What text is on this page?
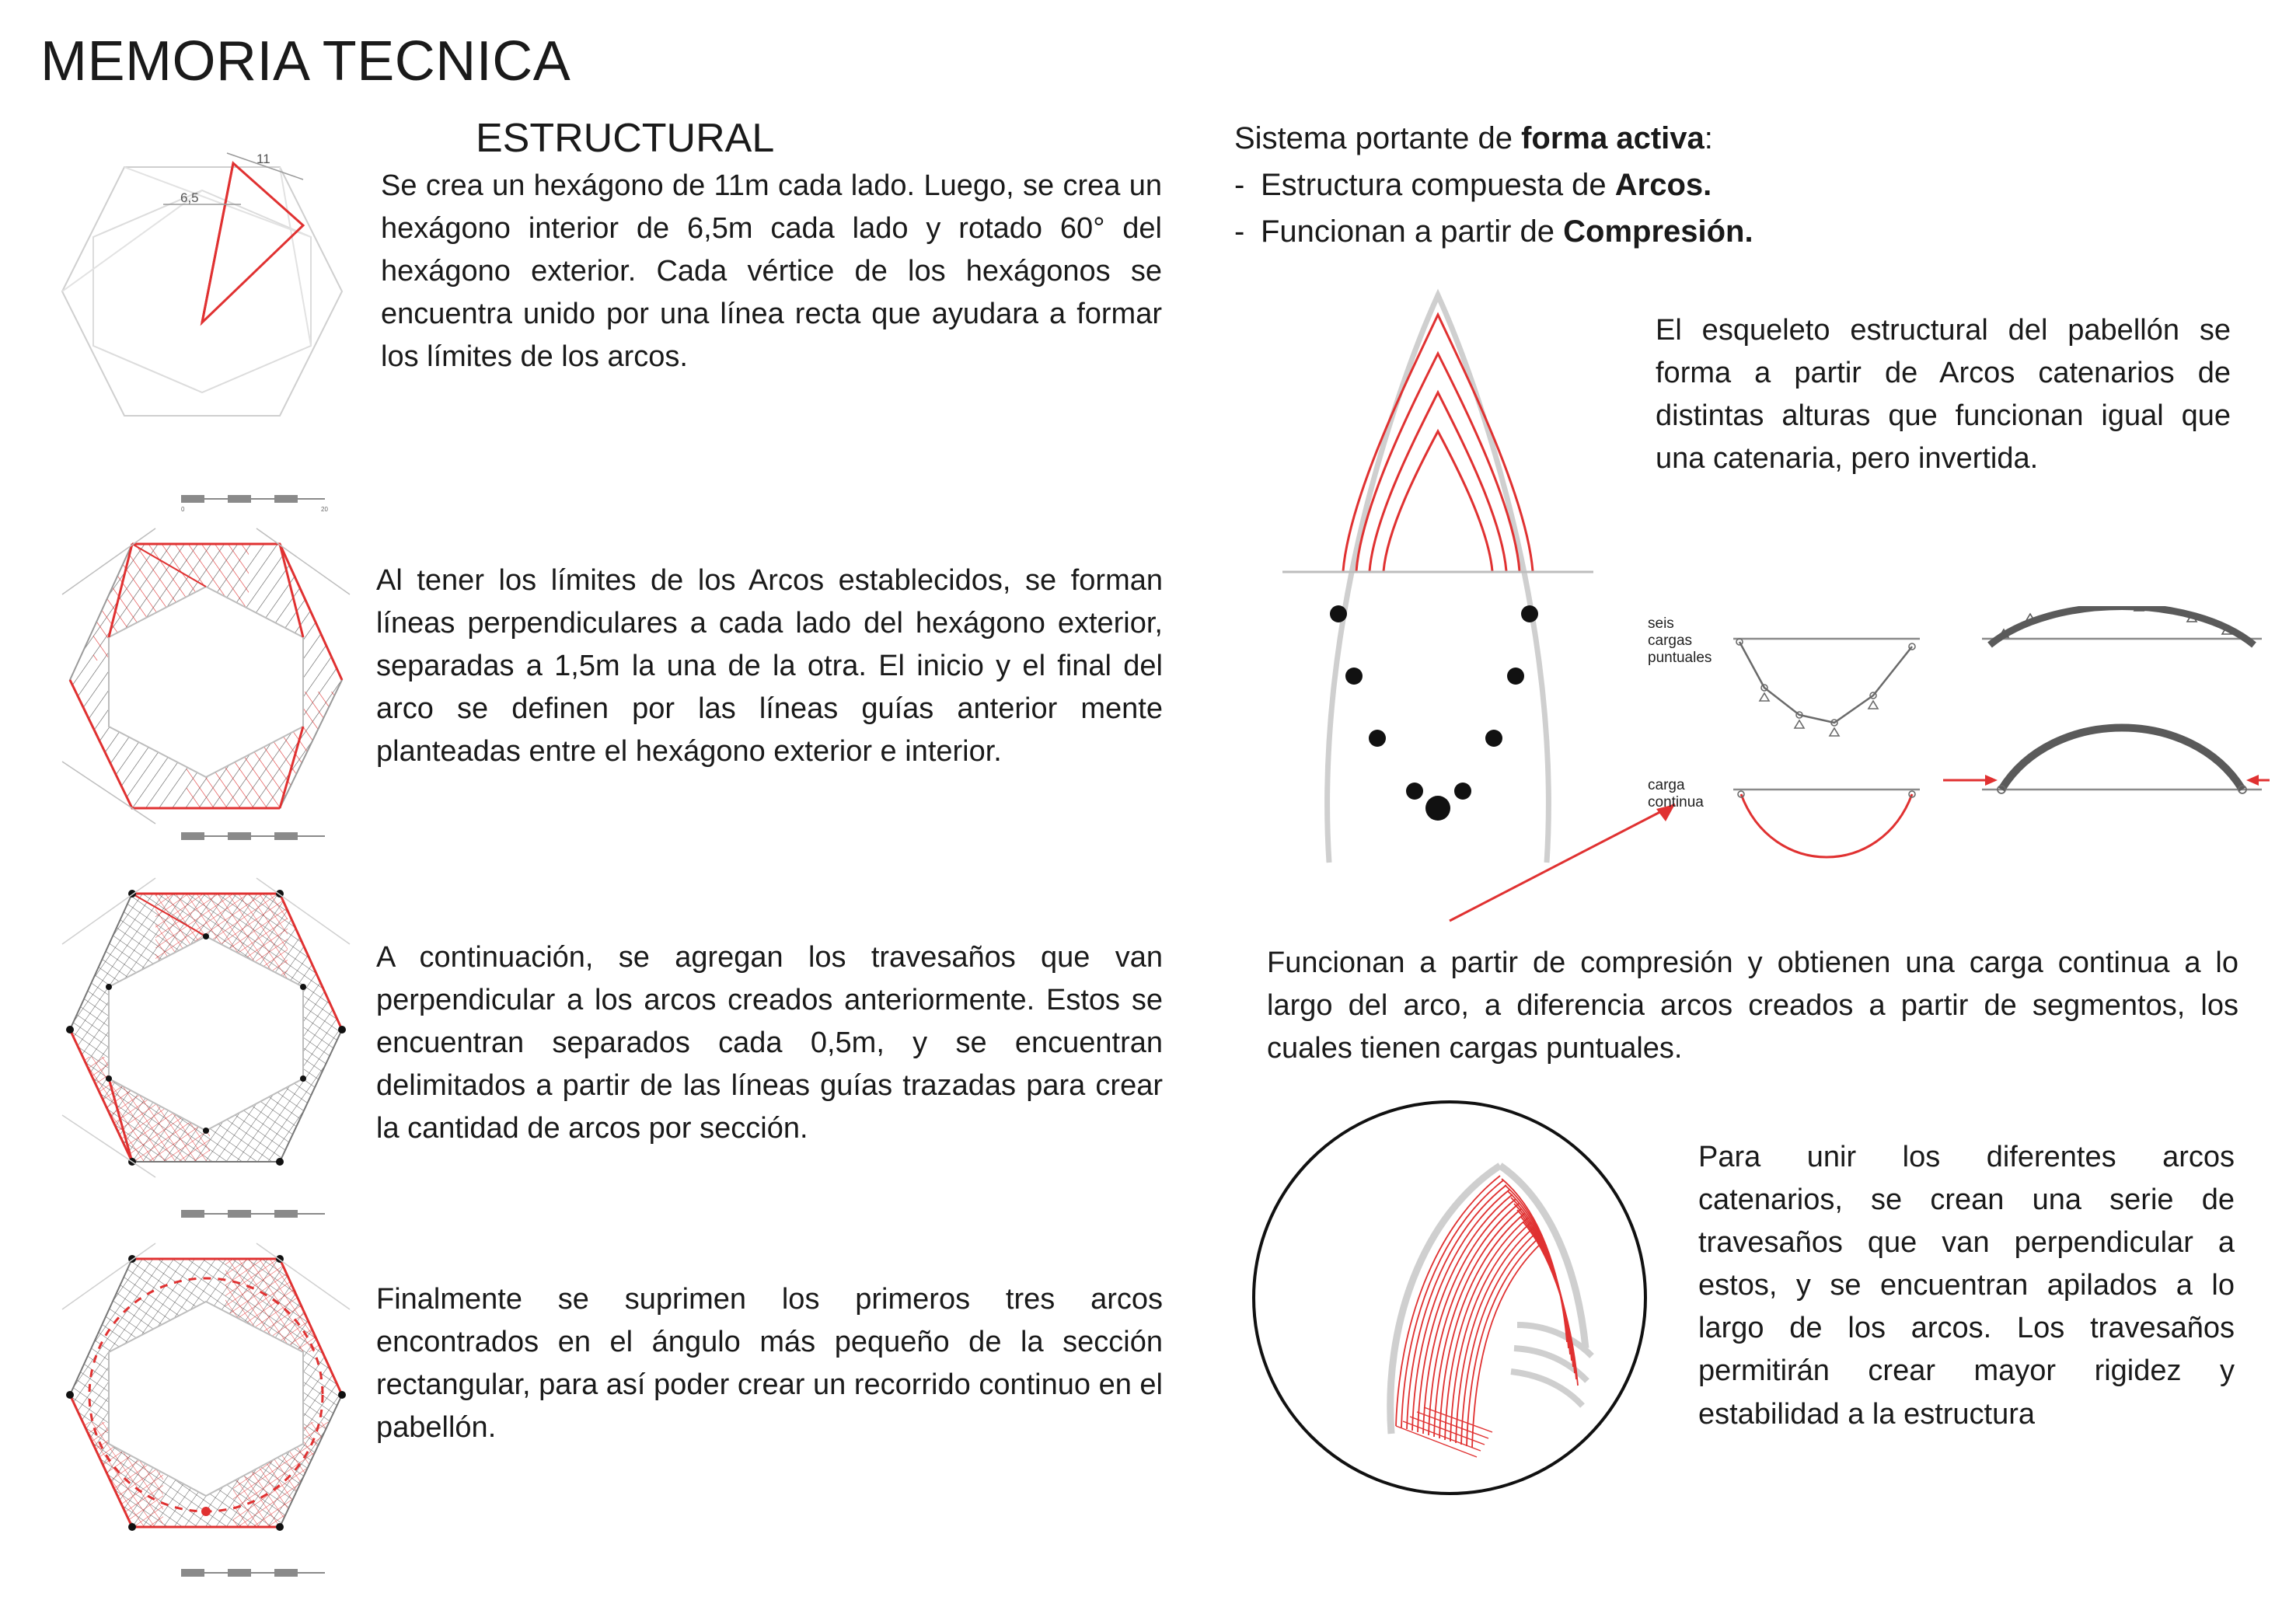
MEMORIA TECNICA
ESTRUCTURAL
11
6,5
0	20
Se crea un hexágono de 11m cada lado. Luego, se crea un hexágono interior de 6,5m cada lado y rotado 60° del hexágono exterior. Cada vértice de los hexágonos se encuentra unido por una línea recta que ayudara a formar los límites de los arcos.
Al tener los límites de los Arcos establecidos, se forman líneas perpendiculares a cada lado del hexágono exterior, separadas a 1,5m la una de la otra. El inicio y el final del arco se definen por las líneas guías anterior mente planteadas entre el hexágono exterior e interior.
A continuación, se agregan los travesaños que van perpendicular a los arcos creados anteriormente. Estos se encuentran separados cada 0,5m, y se encuentran delimitados a partir de las líneas guías trazadas para crear la cantidad de arcos por sección.
Finalmente se suprimen los primeros tres arcos encontrados en el ángulo más pequeño de la sección rectangular, para así poder crear un recorrido continuo en el pabellón.
Sistema portante de forma activa:
- Estructura compuesta de Arcos.
- Funcionan a partir de Compresión.
seis
cargas
puntuales
carga
continua
El esqueleto estructural del pabellón se forma a partir de Arcos catenarios de distintas alturas que funcionan igual que una catenaria, pero invertida.
Funcionan a partir de compresión y obtienen una carga continua a lo largo del arco, a diferencia arcos creados a partir de segmentos, los cuales tienen cargas puntuales.
Para unir los diferentes arcos catenarios, se crean una serie de travesaños que van perpendicular a estos, y se encuentran apilados a lo largo de los arcos. Los travesaños permitirán crear mayor rigidez y estabilidad a la estructura
